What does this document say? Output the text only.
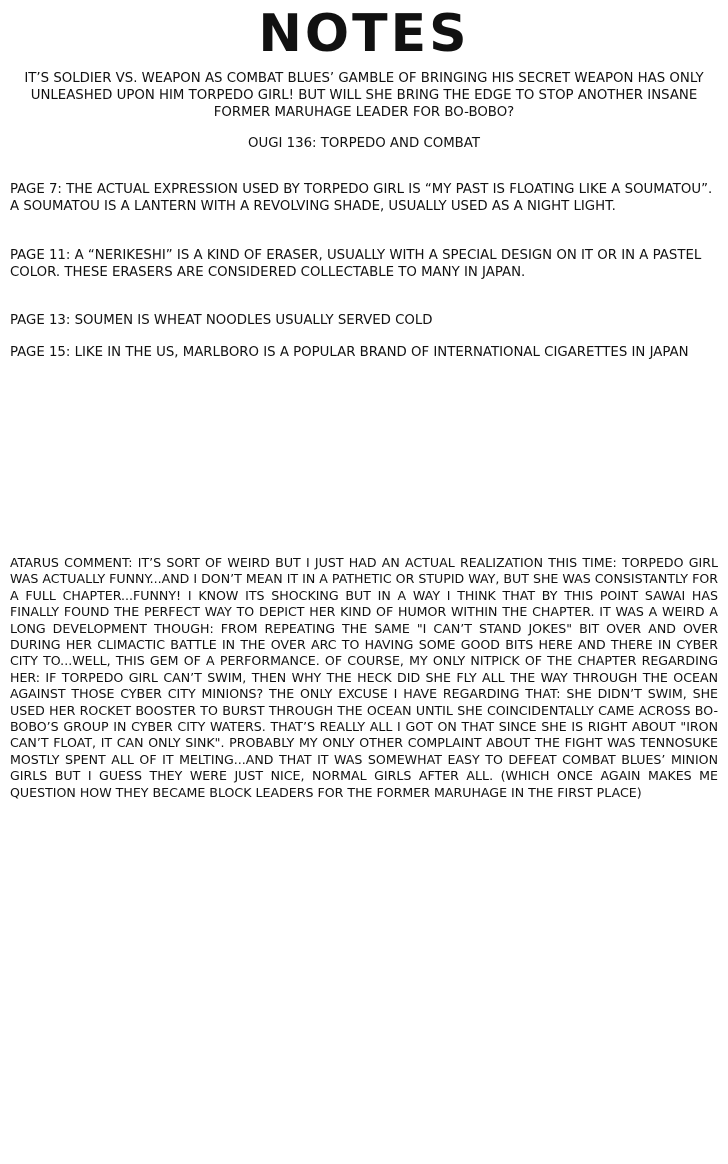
NOTES

IT’S SOLDIER VS. WEAPON AS COMBAT BLUES’ GAMBLE OF BRINGING HIS SECRET WEAPON HAS ONLY UNLEASHED UPON HIM TORPEDO GIRL! BUT WILL SHE BRING THE EDGE TO STOP ANOTHER INSANE FORMER MARUHAGE LEADER FOR BO-BOBO?

OUGI 136: TORPEDO AND COMBAT

PAGE 7: THE ACTUAL EXPRESSION USED BY TORPEDO GIRL IS “MY PAST IS FLOATING LIKE A SOUMATOU”. A SOUMATOU IS A LANTERN WITH A REVOLVING SHADE, USUALLY USED AS A NIGHT LIGHT.

PAGE 11: A “NERIKESHI” IS A KIND OF ERASER, USUALLY WITH A SPECIAL DESIGN ON IT OR IN A PASTEL COLOR. THESE ERASERS ARE CONSIDERED COLLECTABLE TO MANY IN JAPAN.

PAGE 13: SOUMEN IS WHEAT NOODLES USUALLY SERVED COLD

PAGE 15: LIKE IN THE US, MARLBORO IS A POPULAR BRAND OF INTERNATIONAL CIGARETTES IN JAPAN

ATARUS COMMENT: IT’S SORT OF WEIRD BUT I JUST HAD AN ACTUAL REALIZATION THIS TIME: TORPEDO GIRL WAS ACTUALLY FUNNY...AND I DON’T MEAN IT IN A PATHETIC OR STUPID WAY, BUT SHE WAS CONSISTANTLY FOR A FULL CHAPTER...FUNNY! I KNOW ITS SHOCKING BUT IN A WAY I THINK THAT BY THIS POINT SAWAI HAS FINALLY FOUND THE PERFECT WAY TO DEPICT HER KIND OF HUMOR WITHIN THE CHAPTER. IT WAS A WEIRD A LONG DEVELOPMENT THOUGH: FROM REPEATING THE SAME "I CAN’T STAND JOKES" BIT OVER AND OVER DURING HER CLIMACTIC BATTLE IN THE OVER ARC TO HAVING SOME GOOD BITS HERE AND THERE IN CYBER CITY TO...WELL, THIS GEM OF A PERFORMANCE. OF COURSE, MY ONLY NITPICK OF THE CHAPTER REGARDING HER: IF TORPEDO GIRL CAN’T SWIM, THEN WHY THE HECK DID SHE FLY ALL THE WAY THROUGH THE OCEAN AGAINST THOSE CYBER CITY MINIONS? THE ONLY EXCUSE I HAVE REGARDING THAT: SHE DIDN’T SWIM, SHE USED HER ROCKET BOOSTER TO BURST THROUGH THE OCEAN UNTIL SHE COINCIDENTALLY CAME ACROSS BO-BOBO’S GROUP IN CYBER CITY WATERS. THAT’S REALLY ALL I GOT ON THAT SINCE SHE IS RIGHT ABOUT "IRON CAN’T FLOAT, IT CAN ONLY SINK". PROBABLY MY ONLY OTHER COMPLAINT ABOUT THE FIGHT WAS TENNOSUKE MOSTLY SPENT ALL OF IT MELTING...AND THAT IT WAS SOMEWHAT EASY TO DEFEAT COMBAT BLUES’ MINION GIRLS BUT I GUESS THEY WERE JUST NICE, NORMAL GIRLS AFTER ALL. (WHICH ONCE AGAIN MAKES ME QUESTION HOW THEY BECAME BLOCK LEADERS FOR THE FORMER MARUHAGE IN THE FIRST PLACE)
